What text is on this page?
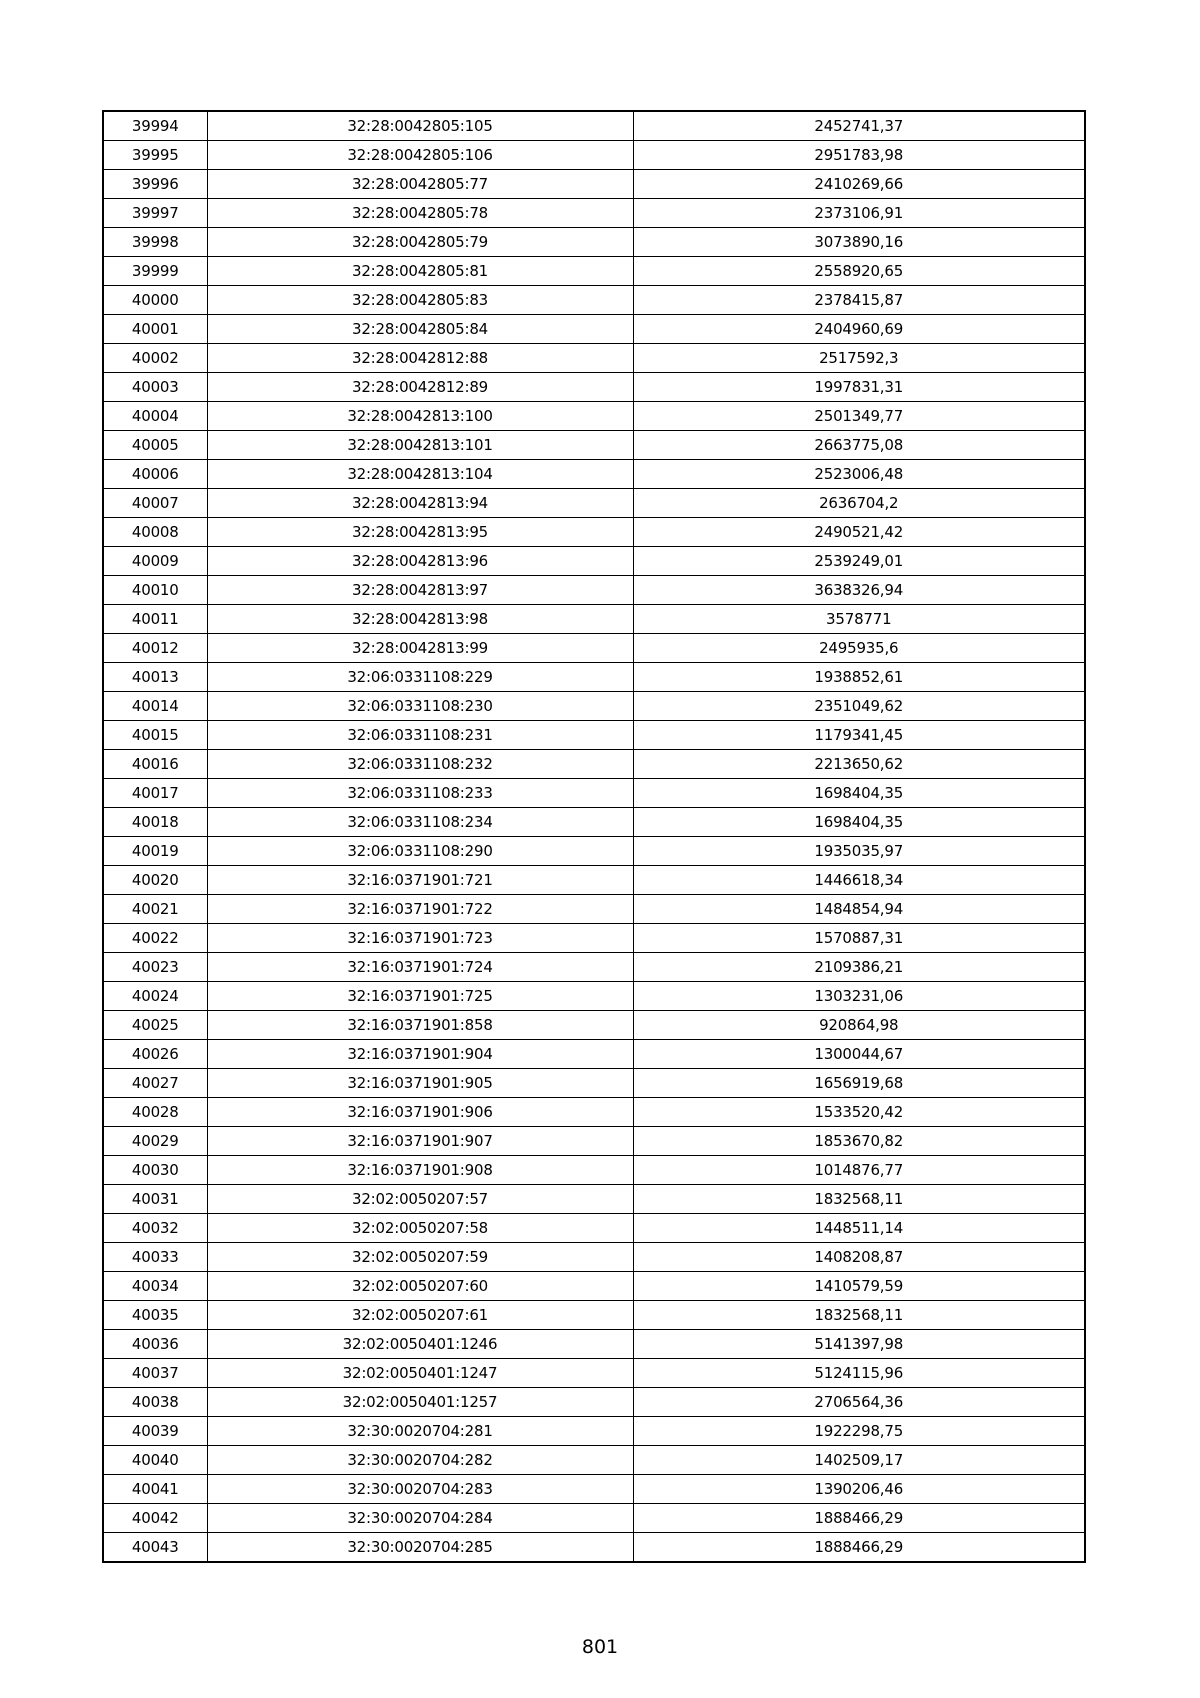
39994	32:28:0042805:105	2452741,37
39995	32:28:0042805:106	2951783,98
39996	32:28:0042805:77	2410269,66
39997	32:28:0042805:78	2373106,91
39998	32:28:0042805:79	3073890,16
39999	32:28:0042805:81	2558920,65
40000	32:28:0042805:83	2378415,87
40001	32:28:0042805:84	2404960,69
40002	32:28:0042812:88	2517592,3
40003	32:28:0042812:89	1997831,31
40004	32:28:0042813:100	2501349,77
40005	32:28:0042813:101	2663775,08
40006	32:28:0042813:104	2523006,48
40007	32:28:0042813:94	2636704,2
40008	32:28:0042813:95	2490521,42
40009	32:28:0042813:96	2539249,01
40010	32:28:0042813:97	3638326,94
40011	32:28:0042813:98	3578771
40012	32:28:0042813:99	2495935,6
40013	32:06:0331108:229	1938852,61
40014	32:06:0331108:230	2351049,62
40015	32:06:0331108:231	1179341,45
40016	32:06:0331108:232	2213650,62
40017	32:06:0331108:233	1698404,35
40018	32:06:0331108:234	1698404,35
40019	32:06:0331108:290	1935035,97
40020	32:16:0371901:721	1446618,34
40021	32:16:0371901:722	1484854,94
40022	32:16:0371901:723	1570887,31
40023	32:16:0371901:724	2109386,21
40024	32:16:0371901:725	1303231,06
40025	32:16:0371901:858	920864,98
40026	32:16:0371901:904	1300044,67
40027	32:16:0371901:905	1656919,68
40028	32:16:0371901:906	1533520,42
40029	32:16:0371901:907	1853670,82
40030	32:16:0371901:908	1014876,77
40031	32:02:0050207:57	1832568,11
40032	32:02:0050207:58	1448511,14
40033	32:02:0050207:59	1408208,87
40034	32:02:0050207:60	1410579,59
40035	32:02:0050207:61	1832568,11
40036	32:02:0050401:1246	5141397,98
40037	32:02:0050401:1247	5124115,96
40038	32:02:0050401:1257	2706564,36
40039	32:30:0020704:281	1922298,75
40040	32:30:0020704:282	1402509,17
40041	32:30:0020704:283	1390206,46
40042	32:30:0020704:284	1888466,29
40043	32:30:0020704:285	1888466,29
801
